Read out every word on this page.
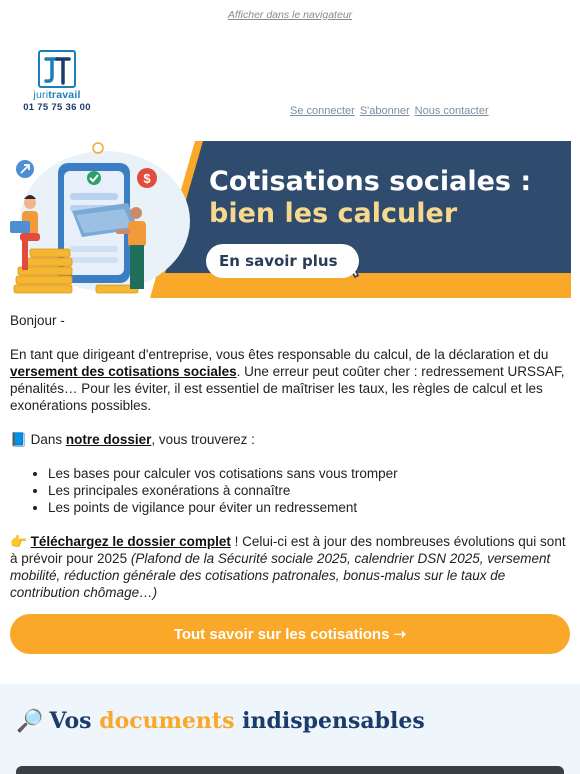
Afficher dans le navigateur
juritravail
01 75 75 36 00	Se connecter S'abonner Nous contacter
$ Cotisations sociales :
bien les calculer
En savoir plus

Bonjour -

En tant que dirigeant d'entreprise, vous êtes responsable du calcul, de la déclaration et du versement des cotisations sociales. Une erreur peut coûter cher : redressement URSSAF, pénalités… Pour les éviter, il est essentiel de maîtriser les taux, les règles de calcul et les exonérations possibles.

📘 Dans notre dossier, vous trouverez :

• Les bases pour calculer vos cotisations sans vous tromper
• Les principales exonérations à connaître
• Les points de vigilance pour éviter un redressement

👉 Téléchargez le dossier complet ! Celui-ci est à jour des nombreuses évolutions qui sont à prévoir pour 2025 (Plafond de la Sécurité sociale 2025, calendrier DSN 2025, versement mobilité, réduction générale des cotisations patronales, bonus-malus sur le taux de contribution chômage…)

Tout savoir sur les cotisations ➝
🔎 Vos documents indispensables
